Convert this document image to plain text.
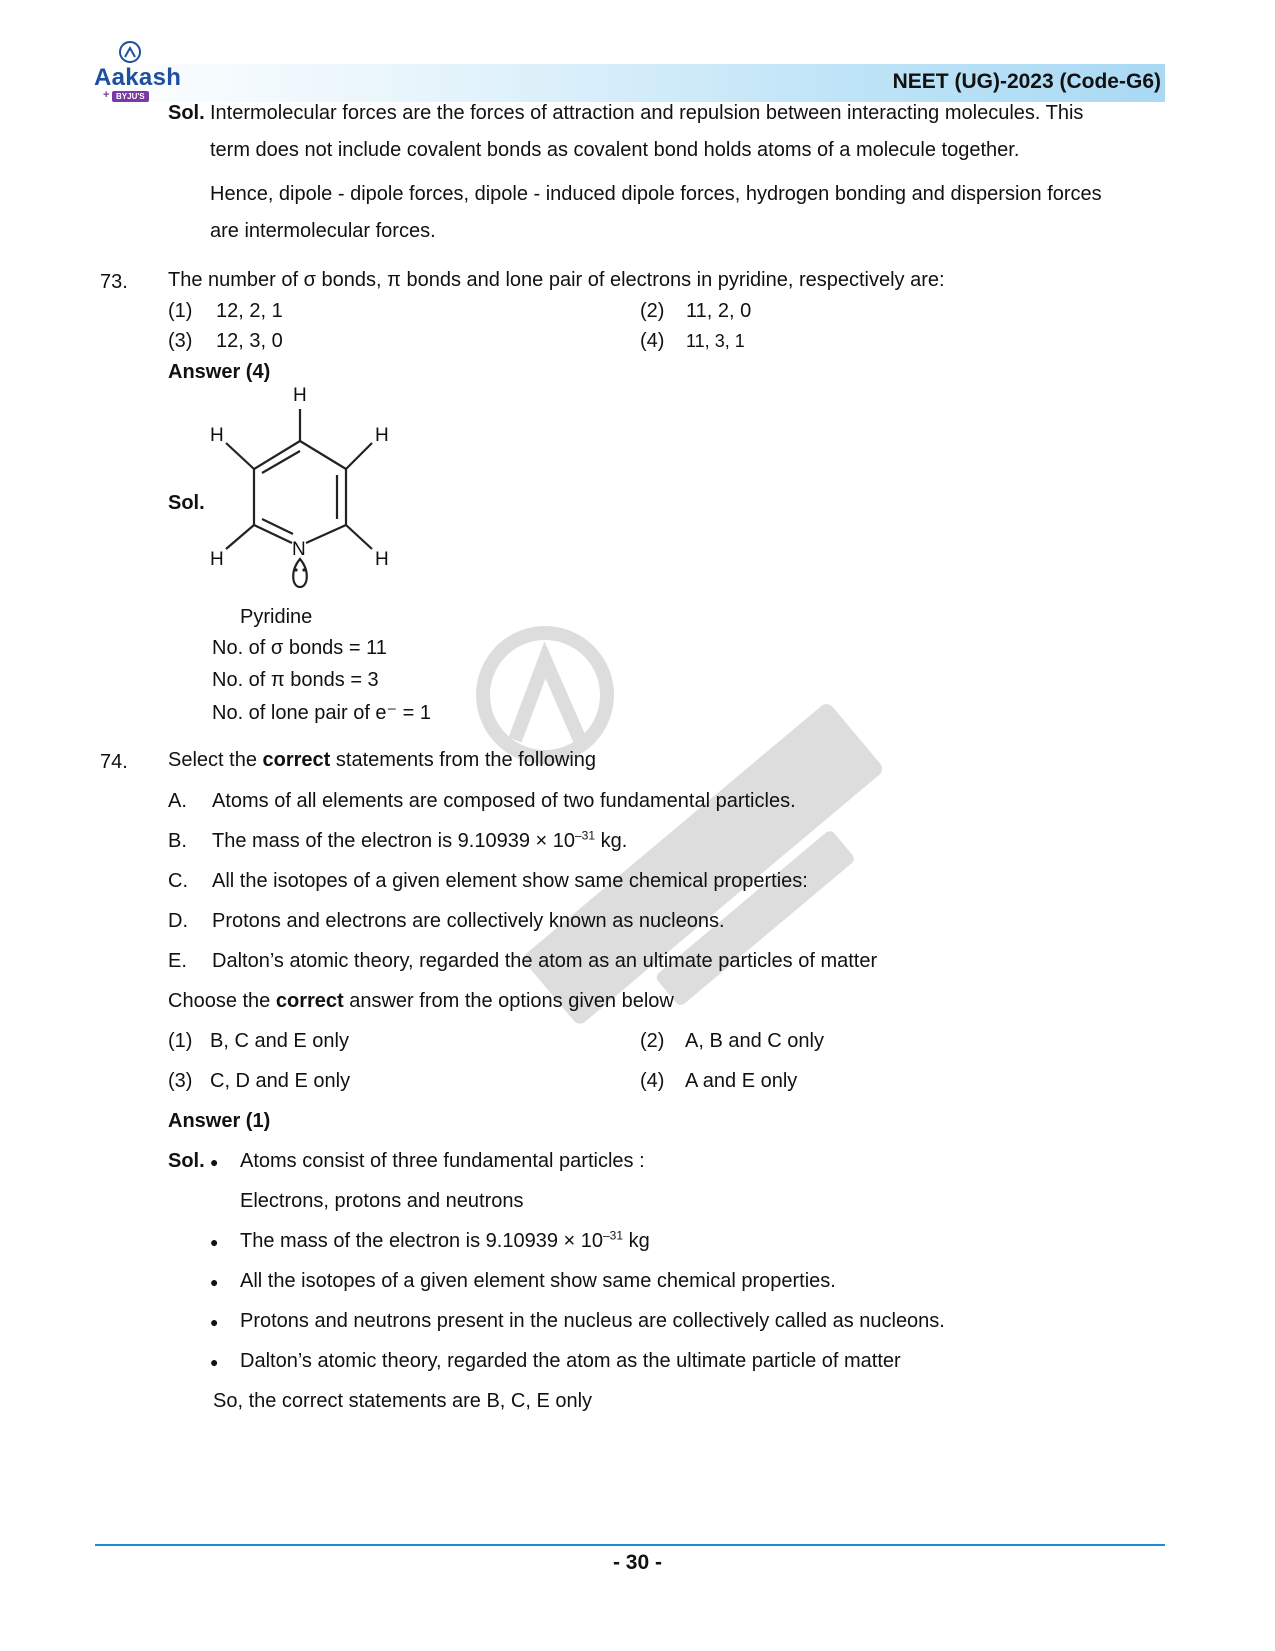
Aakash
+ BYJU'S
NEET (UG)-2023 (Code-G6)
Sol. Intermolecular forces are the forces of attraction and repulsion between interacting molecules. This
term does not include covalent bonds as covalent bond holds atoms of a molecule together.
Hence, dipole - dipole forces, dipole - induced dipole forces, hydrogen bonding and dispersion forces
are intermolecular forces.
73. The number of σ bonds, π bonds and lone pair of electrons in pyridine, respectively are:
(1) 12, 2, 1	(2) 11, 2, 0
(3) 12, 3, 0	(4) 11, 3, 1
Answer (4)
Sol.
H
H	H
H	H
N
Pyridine
No. of σ bonds = 11
No. of π bonds = 3
No. of lone pair of e⁻ = 1
74. Select the correct statements from the following
A. Atoms of all elements are composed of two fundamental particles.
B. The mass of the electron is $9.10939 \times 10^{-31}$ kg.
C. All the isotopes of a given element show same chemical properties:
D. Protons and electrons are collectively known as nucleons.
E. Dalton’s atomic theory, regarded the atom as an ultimate particles of matter
Choose the correct answer from the options given below
(1) B, C and E only	(2) A, B and C only
(3) C, D and E only	(4) A and E only
Answer (1)
Sol. ● Atoms consist of three fundamental particles :
Electrons, protons and neutrons
● The mass of the electron is $9.10939 \times 10^{-31}$ kg
● All the isotopes of a given element show same chemical properties.
● Protons and neutrons present in the nucleus are collectively called as nucleons.
● Dalton’s atomic theory, regarded the atom as the ultimate particle of matter
So, the correct statements are B, C, E only
- 30 -
